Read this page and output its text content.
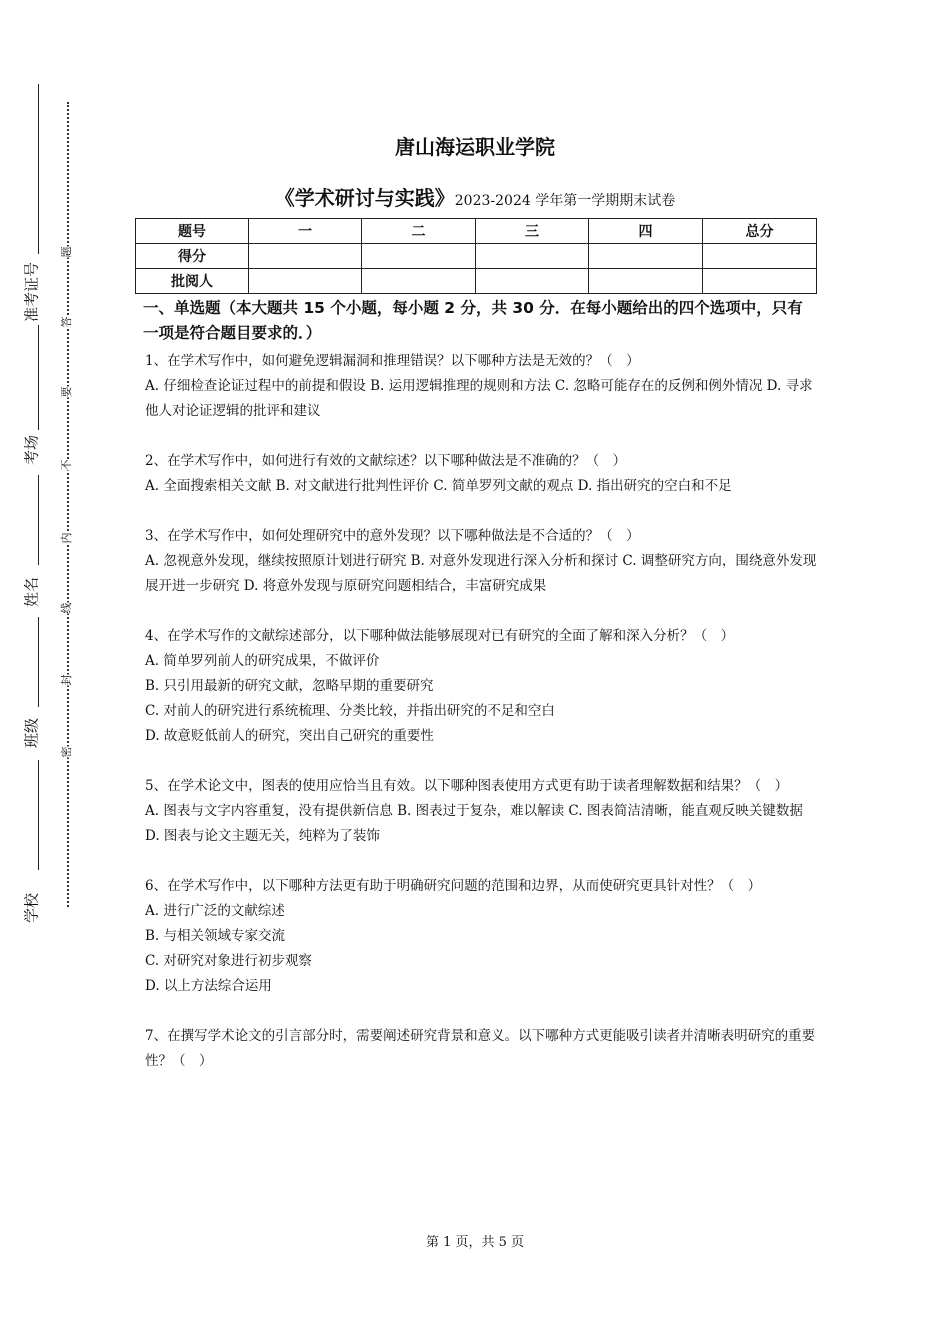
准考证号
考场
姓名
班级
学校
题
答
要
不
内
线
封
密
唐山海运职业学院
《学术研讨与实践》2023-2024 学年第一学期期末试卷
题号	一	二	三	四	总分
得分					
批阅人					
一、单选题（本大题共 15 个小题，每小题 2 分，共 30 分．在每小题给出的四个选项中，只有一项是符合题目要求的．）

1、在学术写作中，如何避免逻辑漏洞和推理错误？以下哪种方法是无效的？（　）

A. 仔细检查论证过程中的前提和假设 B. 运用逻辑推理的规则和方法 C. 忽略可能存在的反例和例外情况 D. 寻求他人对论证逻辑的批评和建议

2、在学术写作中，如何进行有效的文献综述？以下哪种做法是不准确的？（　）

A. 全面搜索相关文献 B. 对文献进行批判性评价 C. 简单罗列文献的观点 D. 指出研究的空白和不足

3、在学术写作中，如何处理研究中的意外发现？以下哪种做法是不合适的？（　）

A. 忽视意外发现，继续按照原计划进行研究 B. 对意外发现进行深入分析和探讨 C. 调整研究方向，围绕意外发现展开进一步研究 D. 将意外发现与原研究问题相结合，丰富研究成果

4、在学术写作的文献综述部分，以下哪种做法能够展现对已有研究的全面了解和深入分析？（　）

A. 简单罗列前人的研究成果，不做评价

B. 只引用最新的研究文献，忽略早期的重要研究

C. 对前人的研究进行系统梳理、分类比较，并指出研究的不足和空白

D. 故意贬低前人的研究，突出自己研究的重要性

5、在学术论文中，图表的使用应恰当且有效。以下哪种图表使用方式更有助于读者理解数据和结果？（　）

A. 图表与文字内容重复，没有提供新信息 B. 图表过于复杂，难以解读 C. 图表简洁清晰，能直观反映关键数据 D. 图表与论文主题无关，纯粹为了装饰

6、在学术写作中，以下哪种方法更有助于明确研究问题的范围和边界，从而使研究更具针对性？（　）

A. 进行广泛的文献综述

B. 与相关领域专家交流

C. 对研究对象进行初步观察

D. 以上方法综合运用

7、在撰写学术论文的引言部分时，需要阐述研究背景和意义。以下哪种方式更能吸引读者并清晰表明研究的重要性？（　）

第 1 页，共 5 页
